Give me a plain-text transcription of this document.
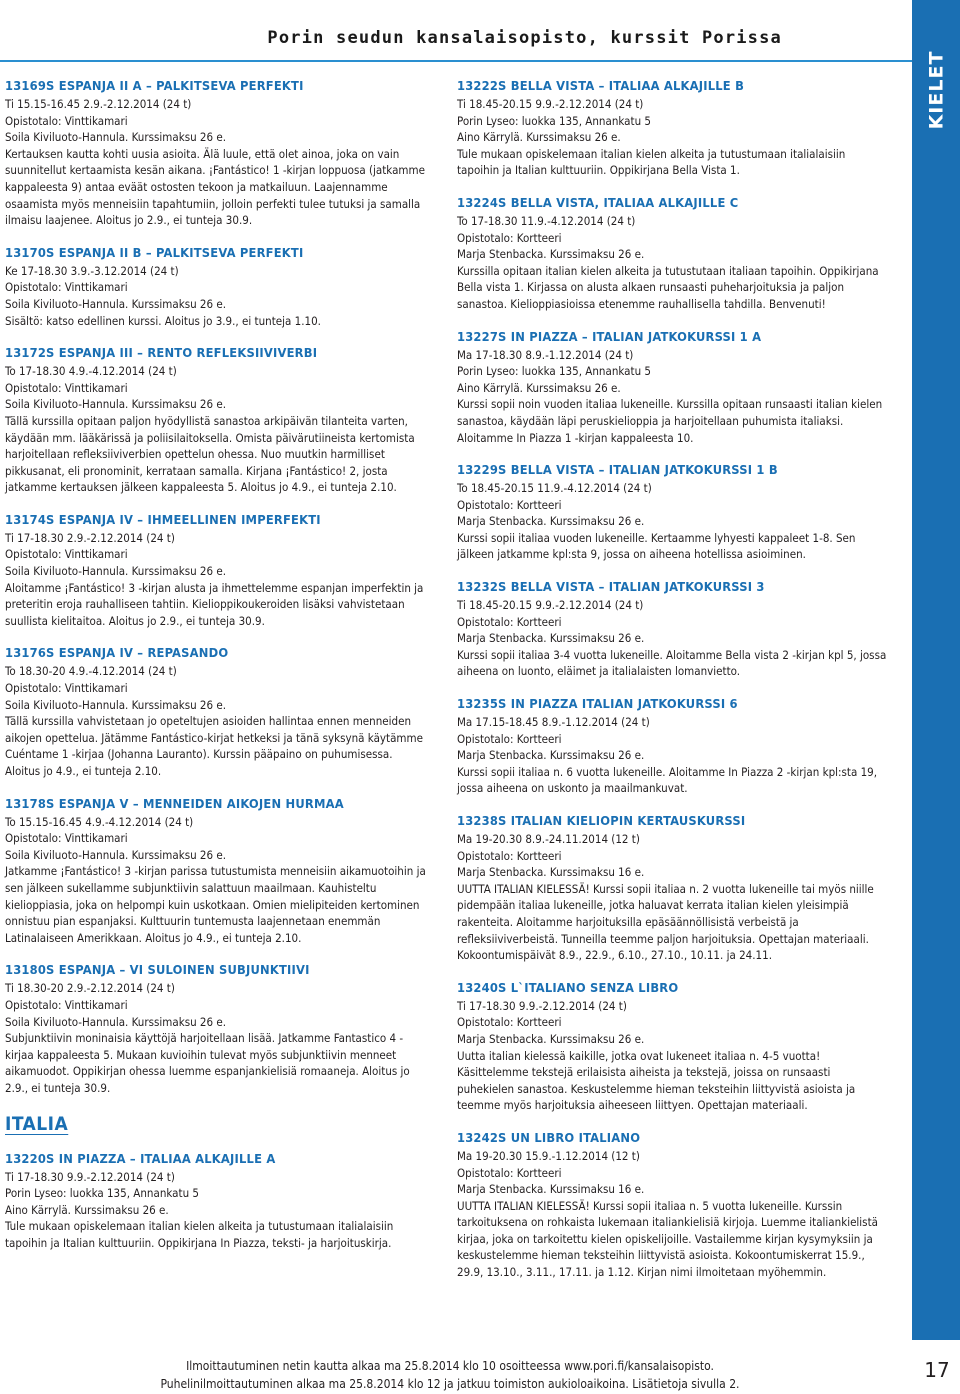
Porin seudun kansalaisopisto, kurssit Porissa
KIELET
13169S ESPANJA II A – PALKITSEVA PERFEKTI
Ti 15.15-16.45 2.9.-2.12.2014 (24 t)
Opistotalo: Vinttikamari
Soila Kiviluoto-Hannula. Kurssimaksu 26 e.
Kertauksen kautta kohti uusia asioita. Älä luule, että olet ainoa, joka on vain suunnitellut kertaamista kesän aikana. ¡Fantástico! 1 -kirjan loppuosa (jatkamme kappaleesta 9) antaa eväät ostosten tekoon ja matkailuun. Laajennamme osaamista myös menneisiin tapahtumiin, jolloin perfekti tulee tutuksi ja samalla ilmaisu laajenee. Aloitus jo 2.9., ei tunteja 30.9.
13170S ESPANJA II B – PALKITSEVA PERFEKTI
Ke 17-18.30 3.9.-3.12.2014 (24 t)
Opistotalo: Vinttikamari
Soila Kiviluoto-Hannula. Kurssimaksu 26 e.
Sisältö: katso edellinen kurssi. Aloitus jo 3.9., ei tunteja 1.10.
13172S ESPANJA III – RENTO REFLEKSIIVIVERBI
To 17-18.30 4.9.-4.12.2014 (24 t)
Opistotalo: Vinttikamari
Soila Kiviluoto-Hannula. Kurssimaksu 26 e.
Tällä kurssilla opitaan paljon hyödyllistä sanastoa arkipäivän tilanteita varten, käydään mm. lääkärissä ja poliisilaitoksella. Omista päivärutiineista kertomista harjoitellaan refleksiiviverbien opettelun ohessa. Nuo muutkin harmilliset pikkusanat, eli pronominit, kerrataan samalla. Kirjana ¡Fantástico! 2, josta jatkamme kertauksen jälkeen kappaleesta 5. Aloitus jo 4.9., ei tunteja 2.10.
13174S ESPANJA IV – IHMEELLINEN IMPERFEKTI
Ti 17-18.30 2.9.-2.12.2014 (24 t)
Opistotalo: Vinttikamari
Soila Kiviluoto-Hannula. Kurssimaksu 26 e.
Aloitamme ¡Fantástico! 3 -kirjan alusta ja ihmettelemme espanjan imperfektin ja preteritin eroja rauhalliseen tahtiin. Kielioppikoukeroiden lisäksi vahvistetaan suullista kielitaitoa. Aloitus jo 2.9., ei tunteja 30.9.
13176S ESPANJA IV – REPASANDO
To 18.30-20 4.9.-4.12.2014 (24 t)
Opistotalo: Vinttikamari
Soila Kiviluoto-Hannula. Kurssimaksu 26 e.
Tällä kurssilla vahvistetaan jo opeteltujen asioiden hallintaa ennen menneiden aikojen opettelua. Jätämme Fantástico-kirjat hetkeksi ja tänä syksynä käytämme Cuéntame 1 -kirjaa (Johanna Lauranto). Kurssin pääpaino on puhumisessa. Aloitus jo 4.9., ei tunteja 2.10.
13178S ESPANJA V – MENNEIDEN AIKOJEN HURMAA
To 15.15-16.45 4.9.-4.12.2014 (24 t)
Opistotalo: Vinttikamari
Soila Kiviluoto-Hannula. Kurssimaksu 26 e.
Jatkamme ¡Fantástico! 3 -kirjan parissa tutustumista menneisiin aikamuotoihin ja sen jälkeen sukellamme subjunktiivin salattuun maailmaan. Kauhisteltu kielioppiasia, joka on helpompi kuin uskotkaan. Omien mielipiteiden kertominen onnistuu pian espanjaksi. Kulttuurin tuntemusta laajennetaan enemmän Latinalaiseen Amerikkaan. Aloitus jo 4.9., ei tunteja 2.10.
13180S ESPANJA – VI SULOINEN SUBJUNKTIIVI
Ti 18.30-20 2.9.-2.12.2014 (24 t)
Opistotalo: Vinttikamari
Soila Kiviluoto-Hannula. Kurssimaksu 26 e.
Subjunktiivin moninaisia käyttöjä harjoitellaan lisää. Jatkamme Fantastico 4 -kirjaa kappaleesta 5. Mukaan kuvioihin tulevat myös subjunktiivin menneet aikamuodot. Oppikirjan ohessa luemme espanjankielisiä romaaneja. Aloitus jo 2.9., ei tunteja 30.9.
ITALIA
13220S IN PIAZZA – ITALIAA ALKAJILLE A
Ti 17-18.30 9.9.-2.12.2014 (24 t)
Porin Lyseo: luokka 135, Annankatu 5
Aino Kärrylä. Kurssimaksu 26 e.
Tule mukaan opiskelemaan italian kielen alkeita ja tutustumaan italialaisiin tapoihin ja Italian kulttuuriin. Oppikirjana In Piazza, teksti- ja harjoituskirja.
13222S BELLA VISTA – ITALIAA ALKAJILLE B
Ti 18.45-20.15 9.9.-2.12.2014 (24 t)
Porin Lyseo: luokka 135, Annankatu 5
Aino Kärrylä. Kurssimaksu 26 e.
Tule mukaan opiskelemaan italian kielen alkeita ja tutustumaan italialaisiin tapoihin ja Italian kulttuuriin. Oppikirjana Bella Vista 1.
13224S BELLA VISTA, ITALIAA ALKAJILLE C
To 17-18.30 11.9.-4.12.2014 (24 t)
Opistotalo: Kortteeri
Marja Stenbacka. Kurssimaksu 26 e.
Kurssilla opitaan italian kielen alkeita ja tutustutaan italiaan tapoihin. Oppikirjana Bella vista 1. Kirjassa on alusta alkaen runsaasti puheharjoituksia ja paljon sanastoa. Kielioppiasioissa etenemme rauhallisella tahdilla. Benvenuti!
13227S IN PIAZZA – ITALIAN JATKOKURSSI 1 A
Ma 17-18.30 8.9.-1.12.2014 (24 t)
Porin Lyseo: luokka 135, Annankatu 5
Aino Kärrylä. Kurssimaksu 26 e.
Kurssi sopii noin vuoden italiaa lukeneille. Kurssilla opitaan runsaasti italian kielen sanastoa, käydään läpi peruskielioppia ja harjoitellaan puhumista italiaksi. Aloitamme In Piazza 1 -kirjan kappaleesta 10.
13229S BELLA VISTA – ITALIAN JATKOKURSSI 1 B
To 18.45-20.15 11.9.-4.12.2014 (24 t)
Opistotalo: Kortteeri
Marja Stenbacka. Kurssimaksu 26 e.
Kurssi sopii italiaa vuoden lukeneille. Kertaamme lyhyesti kappaleet 1-8. Sen jälkeen jatkamme kpl:sta 9, jossa on aiheena hotellissa asioiminen.
13232S BELLA VISTA – ITALIAN JATKOKURSSI 3
Ti 18.45-20.15 9.9.-2.12.2014 (24 t)
Opistotalo: Kortteeri
Marja Stenbacka. Kurssimaksu 26 e.
Kurssi sopii italiaa 3-4 vuotta lukeneille. Aloitamme Bella vista 2 -kirjan kpl 5, jossa aiheena on luonto, eläimet ja italialaisten lomanvietto.
13235S IN PIAZZA ITALIAN JATKOKURSSI 6
Ma 17.15-18.45 8.9.-1.12.2014 (24 t)
Opistotalo: Kortteeri
Marja Stenbacka. Kurssimaksu 26 e.
Kurssi sopii italiaa n. 6 vuotta lukeneille. Aloitamme In Piazza 2 -kirjan kpl:sta 19, jossa aiheena on uskonto ja maailmankuvat.
13238S ITALIAN KIELIOPIN KERTAUSKURSSI
Ma 19-20.30 8.9.-24.11.2014 (12 t)
Opistotalo: Kortteeri
Marja Stenbacka. Kurssimaksu 16 e.
UUTTA ITALIAN KIELESSÄ! Kurssi sopii italiaa n. 2 vuotta lukeneille tai myös niille pidempään italiaa lukeneille, jotka haluavat kerrata italian kielen yleisimpiä rakenteita. Aloitamme harjoituksilla epäsäännöllisistä verbeistä ja refleksiiviverbeistä. Tunneilla teemme paljon harjoituksia. Opettajan materiaali. Kokoontumispäivät 8.9., 22.9., 6.10., 27.10., 10.11. ja 24.11.
13240S L`ITALIANO SENZA LIBRO
Ti 17-18.30 9.9.-2.12.2014 (24 t)
Opistotalo: Kortteeri
Marja Stenbacka. Kurssimaksu 26 e.
Uutta italian kielessä kaikille, jotka ovat lukeneet italiaa n. 4-5 vuotta! Käsittelemme tekstejä erilaisista aiheista ja tekstejä, joissa on runsaasti puhekielen sanastoa. Keskustelemme hieman teksteihin liittyvistä asioista ja teemme myös harjoituksia aiheeseen liittyen. Opettajan materiaali.
13242S UN LIBRO ITALIANO
Ma 19-20.30 15.9.-1.12.2014 (12 t)
Opistotalo: Kortteeri
Marja Stenbacka. Kurssimaksu 16 e.
UUTTA ITALIAN KIELESSÄ! Kurssi sopii italiaa n. 5 vuotta lukeneille. Kurssin tarkoituksena on rohkaista lukemaan italiankielisiä kirjoja. Luemme italiankielistä kirjaa, joka on tarkoitettu kielen opiskelijoille. Vastailemme kirjan kysymyksiin ja keskustelemme hieman teksteihin liittyvistä asioista. Kokoontumiskerrat 15.9., 29.9, 13.10., 3.11., 17.11. ja 1.12. Kirjan nimi ilmoitetaan myöhemmin.
Ilmoittautuminen netin kautta alkaa ma 25.8.2014 klo 10 osoitteessa www.pori.fi/kansalaisopisto.
Puhelinilmoittautuminen alkaa ma 25.8.2014 klo 12 ja jatkuu toimiston aukioloaikoina. Lisätietoja sivulla 2.
17
